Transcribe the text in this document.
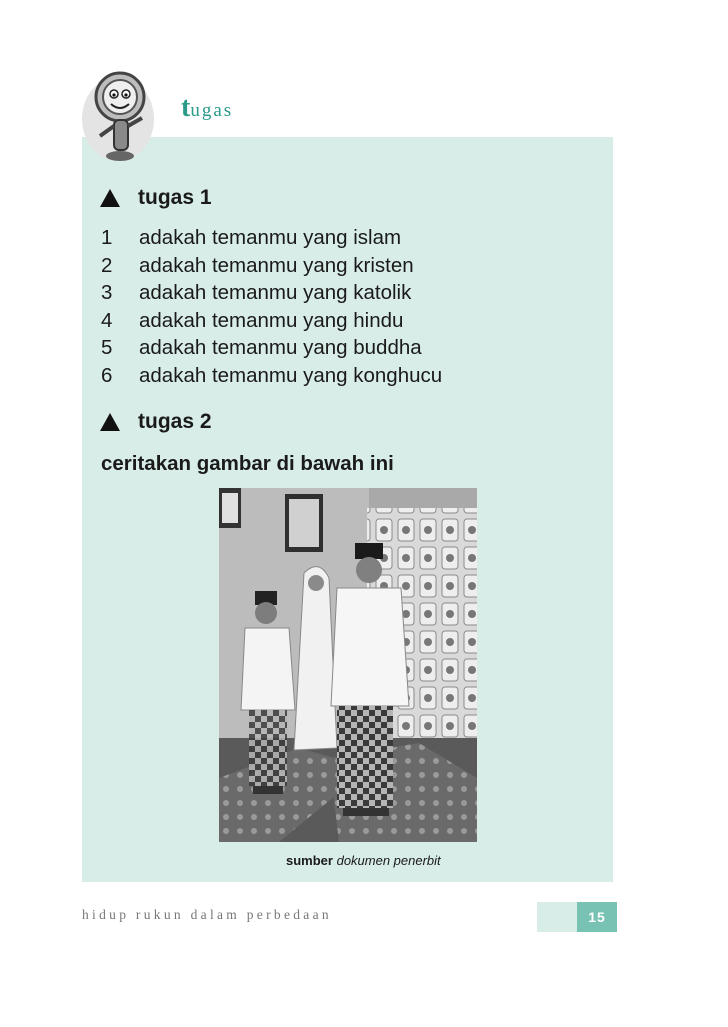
tugas
tugas 1
1	adakah temanmu yang islam
2	adakah temanmu yang kristen
3	adakah temanmu yang katolik
4	adakah temanmu yang hindu
5	adakah temanmu yang buddha
6	adakah temanmu yang konghucu
tugas 2
ceritakan gambar di bawah ini
sumber dokumen penerbit
hidup rukun dalam perbedaan	15
